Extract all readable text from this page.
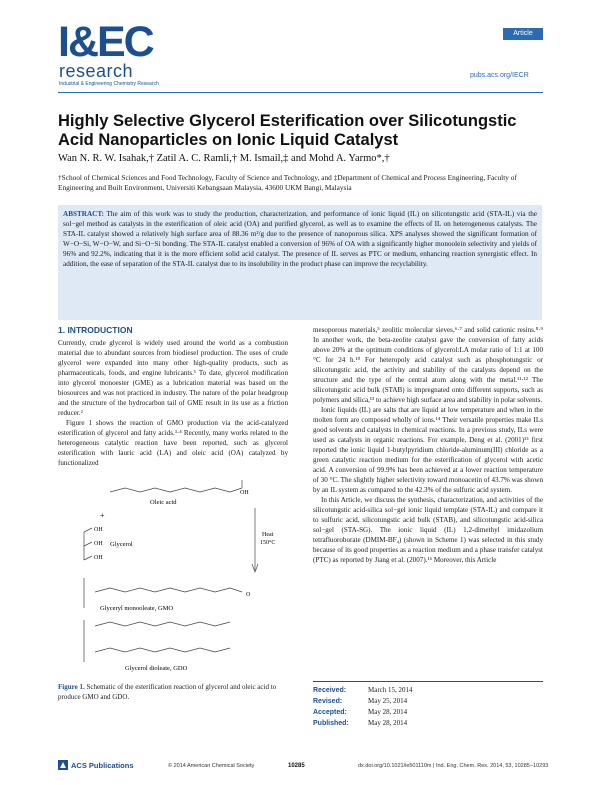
I&EC
research
Industrial & Engineering Chemistry Research
Article
pubs.acs.org/IECR
Highly Selective Glycerol Esterification over Silicotungstic Acid Nanoparticles on Ionic Liquid Catalyst
Wan N. R. W. Isahak,† Zatil A. C. Ramli,† M. Ismail,‡ and Mohd A. Yarmo*,†
†School of Chemical Sciences and Food Technology, Faculty of Science and Technology, and ‡Department of Chemical and Process Engineering, Faculty of Engineering and Built Environment, Universiti Kebangsaan Malaysia, 43600 UKM Bangi, Malaysia
ABSTRACT: The aim of this work was to study the production, characterization, and performance of ionic liquid (IL) on silicotungstic acid (STA-IL) via the sol−gel method as catalysts in the esterification of oleic acid (OA) and purified glycerol, as well as to examine the effects of IL on heterogeneous catalysts. The STA-IL catalyst showed a relatively high surface area of 88.36 m²/g due to the presence of nanoporous silica. XPS analyses showed the significant formation of W−O−Si, W−O−W, and Si−O−Si bonding. The STA-IL catalyst enabled a conversion of 96% of OA with a significantly higher monoolein selectivity and yields of 96% and 92.2%, indicating that it is the more efficient solid acid catalyst. The presence of IL serves as PTC or medium, enhancing reaction synergistic effect. In addition, the ease of separation of the STA-IL catalyst due to its insolubility in the product phase can improve the recyclability.
1. INTRODUCTION

Currently, crude glycerol is widely used around the world as a combustion material due to abundant sources from biodiesel production. The uses of crude glycerol were expanded into many other high-quality products, such as pharmaceuticals, foods, and engine lubricants.¹ To date, glycerol modification into glycerol monoester (GME) as a lubrication material was based on the biosources and was not practiced in industry. The nature of the polar headgroup and the structure of the hydrocarbon tail of GME result in its use as a friction reducer.²

Figure 1 shows the reaction of GMO production via the acid-catalyzed esterification of glycerol and fatty acids.³·⁴ Recently, many works related to the heterogeneous catalytic reaction have been reported, such as glycerol esterification with lauric acid (LA) and oleic acid (OA) catalyzed by functionalized

OH
Oleic acid
+
OH
OH
OH
Glycerol
Heat
150°C
O
Glyceryl monooleate, GMO
Glycerol dioleate, GDO
Figure 1. Schematic of the esterification reaction of glycerol and oleic acid to produce GMO and GDO.

mesoporous materials,⁵ zeolitic molecular sieves,⁶·⁷ and solid cationic resins.⁸·⁹ In another work, the beta-zeolite catalyst gave the conversion of fatty acids above 20% at the optimum conditions of glycerol:LA molar ratio of 1:1 at 100 °C for 24 h.¹⁰ For heteropoly acid catalyst such as phosphotungstic or silicotungstic acid, the activity and stability of the catalysts depend on the structure and the type of the central atom along with the metal.¹¹·¹² The silicotungstic acid bulk (STAB) is impregnated onto different supports, such as polymers and silica,¹³ to achieve high surface area and stability in polar solvents.

Ionic liquids (IL) are salts that are liquid at low temperature and when in the molten form are composed wholly of ions.¹⁴ Their versatile properties make ILs good solvents and catalysts in chemical reactions. In a previous study, ILs were used as catalysts in organic reactions. For example, Deng et al. (2001)¹⁵ first reported the ionic liquid 1-butylpyridium chloride-aluminum(III) chloride as a green catalytic reaction medium for the esterification of glycerol with acetic acid. A conversion of 99.9% has been achieved at a lower reaction temperature of 30 °C. The slightly higher selectivity toward monoacetin of 43.7% was shown by an IL system as compared to the 42.3% of the sulfuric acid system.

In this Article, we discuss the synthesis, characterization, and activities of the silicotungstic acid-silica sol−gel ionic liquid template (STA-IL) and compare it to sulfuric acid, silicotungstic acid bulk (STAB), and silicotungstic acid-silica sol−gel (STA-SG). The ionic liquid (IL) 1,2-dimethyl imidazolium tetrafluoroborate (DMIM-BF₄) (shown in Scheme 1) was selected in this study because of its good properties as a reaction medium and a phase transfer catalyst (PTC) as reported by Jiang et al. (2007).¹⁶ Moreover, this Article

Received:	March 15, 2014
Revised:	May 25, 2014
Accepted:	May 28, 2014
Published:	May 28, 2014
ACS Publications	© 2014 American Chemical Society	10285	dx.doi.org/10.1021/ie501110m | Ind. Eng. Chem. Res. 2014, 53, 10285−10293
